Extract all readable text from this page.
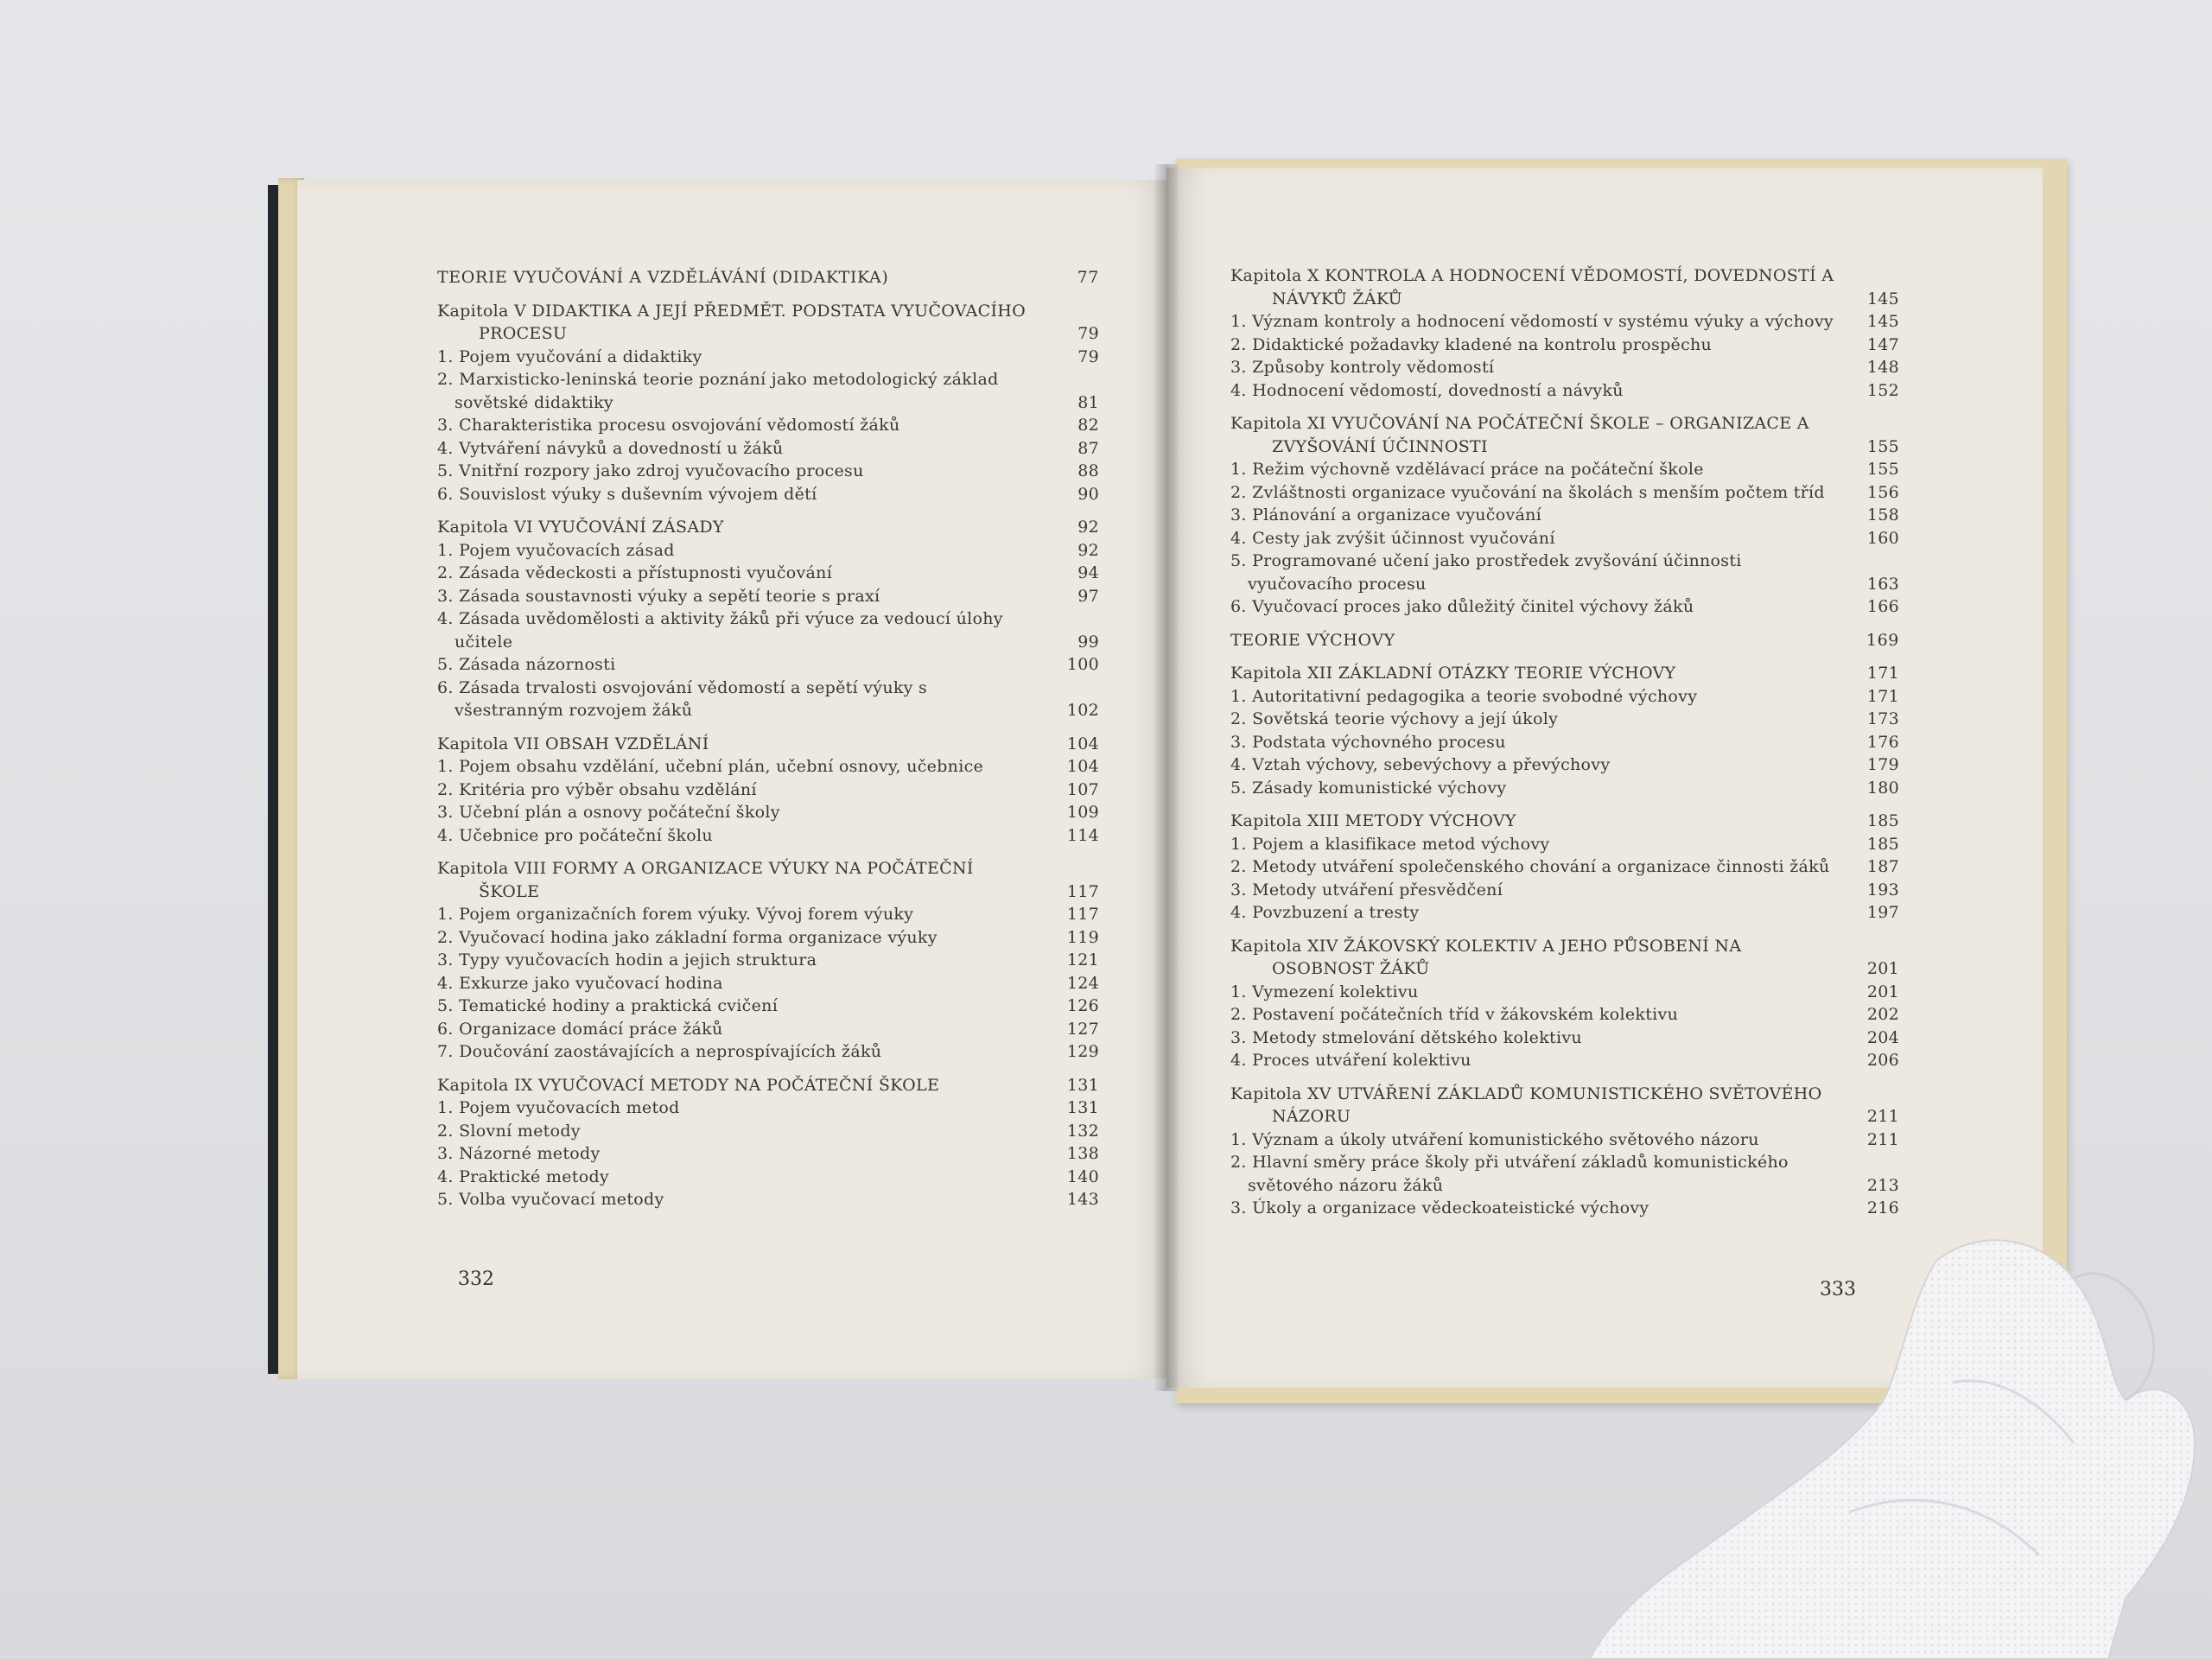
TEORIE VYUČOVÁNÍ A VZDĚLÁVÁNÍ (DIDAKTIKA)	77
Kapitola V DIDAKTIKA A JEJÍ PŘEDMĚT. PODSTATA VYUČOVACÍHO PROCESU	79
1. Pojem vyučování a didaktiky	79
2. Marxisticko-leninská teorie poznání jako metodologický základ sovětské didaktiky	81
3. Charakteristika procesu osvojování vědomostí žáků	82
4. Vytváření návyků a dovedností u žáků	87
5. Vnitřní rozpory jako zdroj vyučovacího procesu	88
6. Souvislost výuky s duševním vývojem dětí	90
Kapitola VI VYUČOVÁNÍ ZÁSADY	92
1. Pojem vyučovacích zásad	92
2. Zásada vědeckosti a přístupnosti vyučování	94
3. Zásada soustavnosti výuky a sepětí teorie s praxí	97
4. Zásada uvědomělosti a aktivity žáků při výuce za vedoucí úlohy učitele	99
5. Zásada názornosti	100
6. Zásada trvalosti osvojování vědomostí a sepětí výuky s všestranným rozvojem žáků	102
Kapitola VII OBSAH VZDĚLÁNÍ	104
1. Pojem obsahu vzdělání, učební plán, učební osnovy, učebnice	104
2. Kritéria pro výběr obsahu vzdělání	107
3. Učební plán a osnovy počáteční školy	109
4. Učebnice pro počáteční školu	114
Kapitola VIII FORMY A ORGANIZACE VÝUKY NA POČÁTEČNÍ ŠKOLE	117
1. Pojem organizačních forem výuky. Vývoj forem výuky	117
2. Vyučovací hodina jako základní forma organizace výuky	119
3. Typy vyučovacích hodin a jejich struktura	121
4. Exkurze jako vyučovací hodina	124
5. Tematické hodiny a praktická cvičení	126
6. Organizace domácí práce žáků	127
7. Doučování zaostávajících a neprospívajících žáků	129
Kapitola IX VYUČOVACÍ METODY NA POČÁTEČNÍ ŠKOLE	131
1. Pojem vyučovacích metod	131
2. Slovní metody	132
3. Názorné metody	138
4. Praktické metody	140
5. Volba vyučovací metody	143
332
Kapitola X KONTROLA A HODNOCENÍ VĚDOMOSTÍ, DOVEDNOSTÍ A NÁVYKŮ ŽÁKŮ	145
1. Význam kontroly a hodnocení vědomostí v systému výuky a výchovy	145
2. Didaktické požadavky kladené na kontrolu prospěchu	147
3. Způsoby kontroly vědomostí	148
4. Hodnocení vědomostí, dovedností a návyků	152
Kapitola XI VYUČOVÁNÍ NA POČÁTEČNÍ ŠKOLE – ORGANIZACE A ZVYŠOVÁNÍ ÚČINNOSTI	155
1. Režim výchovně vzdělávací práce na počáteční škole	155
2. Zvláštnosti organizace vyučování na školách s menším počtem tříd	156
3. Plánování a organizace vyučování	158
4. Cesty jak zvýšit účinnost vyučování	160
5. Programované učení jako prostředek zvyšování účinnosti vyučovacího procesu	163
6. Vyučovací proces jako důležitý činitel výchovy žáků	166
TEORIE VÝCHOVY	169
Kapitola XII ZÁKLADNÍ OTÁZKY TEORIE VÝCHOVY	171
1. Autoritativní pedagogika a teorie svobodné výchovy	171
2. Sovětská teorie výchovy a její úkoly	173
3. Podstata výchovného procesu	176
4. Vztah výchovy, sebevýchovy a převýchovy	179
5. Zásady komunistické výchovy	180
Kapitola XIII METODY VÝCHOVY	185
1. Pojem a klasifikace metod výchovy	185
2. Metody utváření společenského chování a organizace činnosti žáků	187
3. Metody utváření přesvědčení	193
4. Povzbuzení a tresty	197
Kapitola XIV ŽÁKOVSKÝ KOLEKTIV A JEHO PŮSOBENÍ NA OSOBNOST ŽÁKŮ	201
1. Vymezení kolektivu	201
2. Postavení počátečních tříd v žákovském kolektivu	202
3. Metody stmelování dětského kolektivu	204
4. Proces utváření kolektivu	206
Kapitola XV UTVÁŘENÍ ZÁKLADŮ KOMUNISTICKÉHO SVĚTOVÉHO NÁZORU	211
1. Význam a úkoly utváření komunistického světového názoru	211
2. Hlavní směry práce školy při utváření základů komunistického světového názoru žáků	213
3. Úkoly a organizace vědeckoateistické výchovy	216
333
